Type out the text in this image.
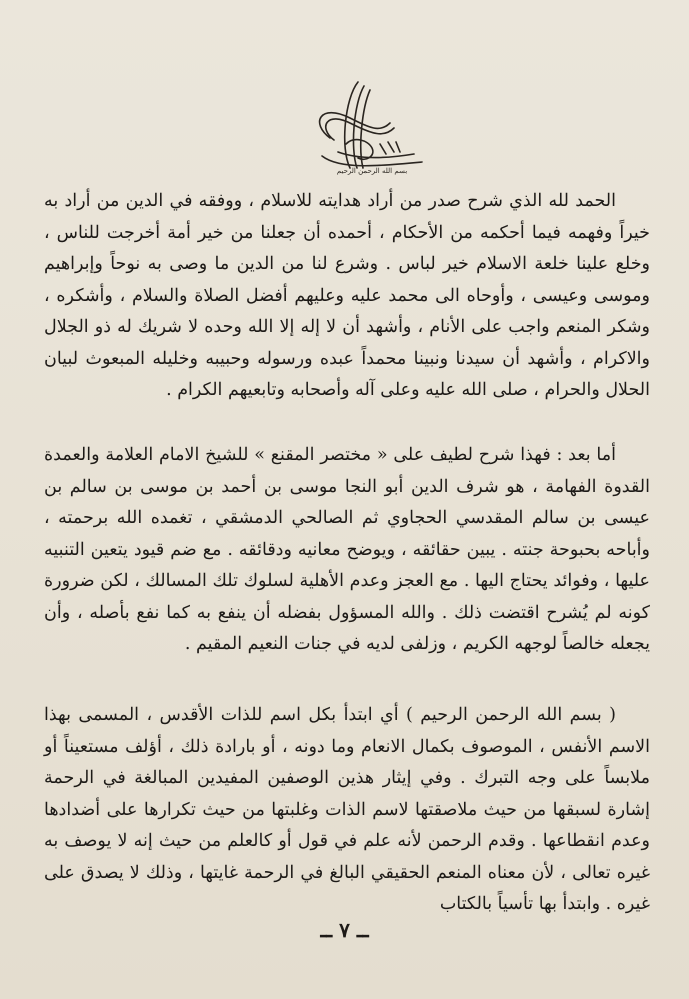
بسم الله الرحمن الرحيم

الحمد لله الذي شرح صدر من أراد هدايته للاسلام ، ووفقه في الدين من أراد به خيراً وفهمه فيما أحكمه من الأحكام ، أحمده أن جعلنا من خير أمة أخرجت للناس ، وخلع علينا خلعة الاسلام خير لباس . وشرع لنا من الدين ما وصى به نوحاً وإبراهيم وموسى وعيسى ، وأوحاه الى محمد عليه وعليهم أفضل الصلاة والسلام ، وأشكره ، وشكر المنعم واجب على الأنام ، وأشهد أن لا إله إلا الله وحده لا شريك له ذو الجلال والاكرام ، وأشهد أن سيدنا ونبينا محمداً عبده ورسوله وحبيبه وخليله المبعوث لبيان الحلال والحرام ، صلى الله عليه وعلى آله وأصحابه وتابعيهم الكرام .

أما بعد : فهذا شرح لطيف على « مختصر المقنع » للشيخ الامام العلامة والعمدة القدوة الفهامة ، هو شرف الدين أبو النجا موسى بن أحمد بن موسى بن سالم بن عيسى بن سالم المقدسي الحجاوي ثم الصالحي الدمشقي ، تغمده الله برحمته ، وأباحه بحبوحة جنته . يبين حقائقه ، ويوضح معانيه ودقائقه . مع ضم قيود يتعين التنبيه عليها ، وفوائد يحتاج اليها . مع العجز وعدم الأهلية لسلوك تلك المسالك ، لكن ضرورة كونه لم يُشرح اقتضت ذلك . والله المسؤول بفضله أن ينفع به كما نفع بأصله ، وأن يجعله خالصاً لوجهه الكريم ، وزلفى لديه في جنات النعيم المقيم .

( بسم الله الرحمن الرحيم ) أي ابتدأ بكل اسم للذات الأقدس ، المسمى بهذا الاسم الأنفس ، الموصوف بكمال الانعام وما دونه ، أو بارادة ذلك ، أؤلف مستعيناً أو ملابساً على وجه التبرك . وفي إيثار هذين الوصفين المفيدين المبالغة في الرحمة إشارة لسبقها من حيث ملاصقتها لاسم الذات وغلبتها من حيث تكرارها على أضدادها وعدم انقطاعها . وقدم الرحمن لأنه علم في قول أو كالعلم من حيث إنه لا يوصف به غيره تعالى ، لأن معناه المنعم الحقيقي البالغ في الرحمة غايتها ، وذلك لا يصدق على غيره . وابتدأ بها تأسياً بالكتاب

ــ ٧ ــ
